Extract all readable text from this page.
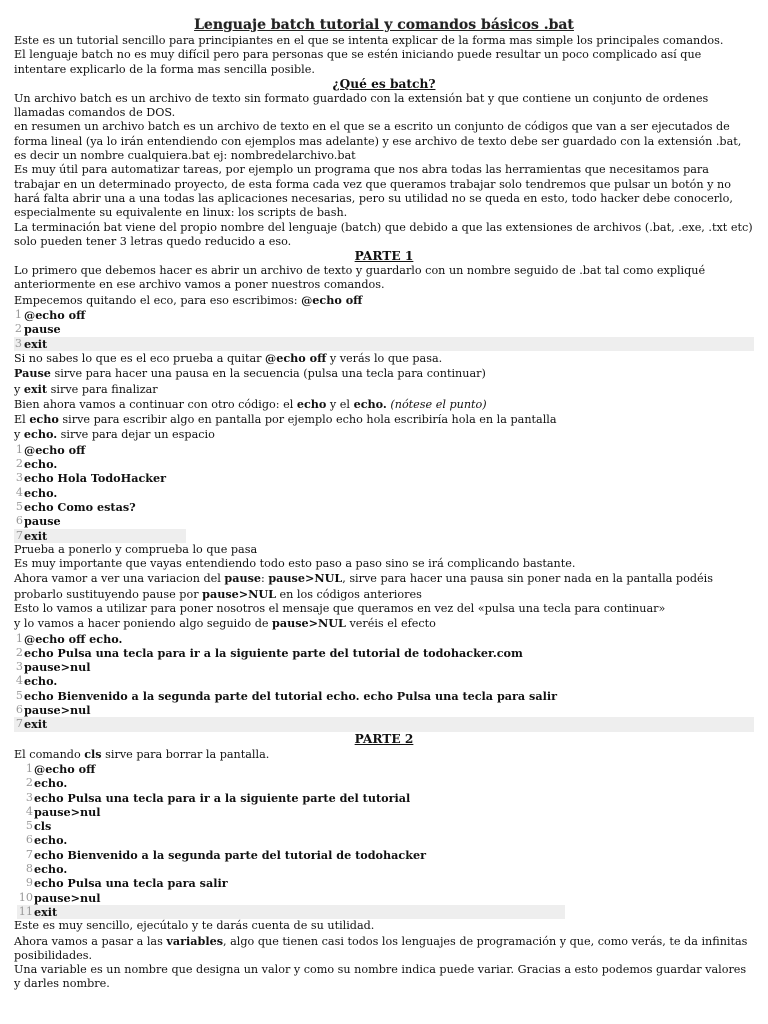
Lenguaje batch tutorial y comandos básicos .bat

Este es un tutorial sencillo para principiantes en el que se intenta explicar de la forma mas simple los principales comandos.

El lenguaje batch no es muy difícil pero para personas que se estén iniciando puede resultar un poco complicado así que intentare explicarlo de la forma mas sencilla posible.

¿Qué es batch?

Un archivo batch es un archivo de texto sin formato guardado con la extensión bat y que contiene un conjunto de ordenes llamadas comandos de DOS.

en resumen un archivo batch es un archivo de texto en el que se a escrito un conjunto de códigos que van a ser ejecutados de forma lineal (ya lo irán entendiendo con ejemplos mas adelante) y ese archivo de texto debe ser guardado con la extensión .bat, es decir un nombre cualquiera.bat ej: nombredelarchivo.bat

Es muy útil para automatizar tareas, por ejemplo un programa que nos abra todas las herramientas que necesitamos para trabajar en un determinado proyecto, de esta forma cada vez que queramos trabajar solo tendremos que pulsar un botón y no hará falta abrir una a una todas las aplicaciones necesarias, pero su utilidad no se queda en esto, todo hacker debe conocerlo, especialmente su equivalente en linux: los scripts de bash.

La terminación bat viene del propio nombre del lenguaje (batch) que debido a que las extensiones de archivos (.bat, .exe, .txt etc) solo pueden tener 3 letras quedo reducido a eso.

PARTE 1

Lo primero que debemos hacer es abrir un archivo de texto y guardarlo con un nombre seguido de .bat tal como expliqué anteriormente en ese archivo vamos a poner nuestros comandos.

Empecemos quitando el eco, para eso escribimos: @echo off

1 @echo off
2 pause
3 exit

Si no sabes lo que es el eco prueba a quitar @echo off y verás lo que pasa.

Pause sirve para hacer una pausa en la secuencia (pulsa una tecla para continuar)

y exit sirve para finalizar

Bien ahora vamos a continuar con otro código: el echo y el echo. (nótese el punto)

El echo sirve para escribir algo en pantalla por ejemplo echo hola escribiría hola en la pantalla

y echo. sirve para dejar un espacio

1 @echo off
2 echo.
3 echo Hola TodoHacker
4 echo.
5 echo Como estas?
6 pause
7 exit

Prueba a ponerlo y comprueba lo que pasa

Es muy importante que vayas entendiendo todo esto paso a paso sino se irá complicando bastante.

Ahora vamor a ver una variacion del pause: pause>NUL, sirve para hacer una pausa sin poner nada en la pantalla podéis probarlo sustituyendo pause por pause>NUL en los códigos anteriores

Esto lo vamos a utilizar para poner nosotros el mensaje que queramos en vez del «pulsa una tecla para continuar»

y lo vamos a hacer poniendo algo seguido de pause>NUL veréis el efecto

1 @echo off echo.
2 echo Pulsa una tecla para ir a la siguiente parte del tutorial de todohacker.com
3 pause>nul
4 echo.
5 echo Bienvenido a la segunda parte del tutorial echo. echo Pulsa una tecla para salir
6 pause>nul
7 exit
PARTE 2

El comando cls sirve para borrar la pantalla.

1 @echo off
2 echo.
3 echo Pulsa una tecla para ir a la siguiente parte del tutorial
4 pause>nul
5 cls
6 echo.
7 echo Bienvenido a la segunda parte del tutorial de todohacker
8 echo.
9 echo Pulsa una tecla para salir
10 pause>nul
11 exit

Este es muy sencillo, ejecútalo y te darás cuenta de su utilidad.

Ahora vamos a pasar a las variables, algo que tienen casi todos los lenguajes de programación y que, como verás, te da infinitas posibilidades.

Una variable es un nombre que designa un valor y como su nombre indica puede variar. Gracias a esto podemos guardar valores y darles nombre.
